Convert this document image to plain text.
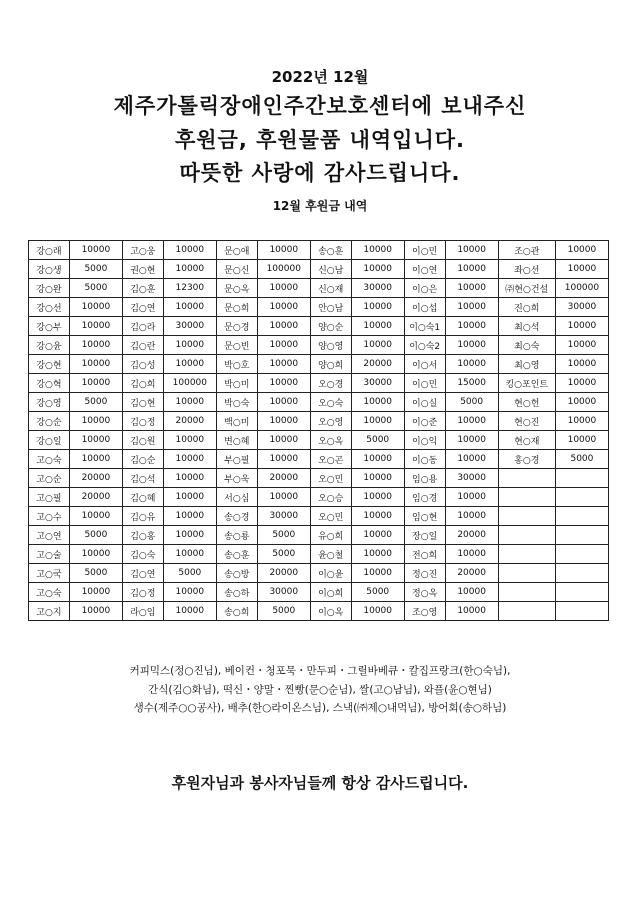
2022년 12월
제주가톨릭장애인주간보호센터에 보내주신
후원금, 후원물품 내역입니다.
따뜻한 사랑에 감사드립니다.
12월 후원금 내역
강○래	10000	고○웅	10000	문○애	10000	송○훈	10000	이○민	10000	조○관	10000
강○생	5000	권○현	10000	문○신	100000	신○남	10000	이○연	10000	좌○선	10000
강○완	5000	김○훈	12300	문○옥	10000	신○재	30000	이○은	10000	㈜현○건설	100000
강○선	10000	김○연	10000	문○희	10000	안○남	10000	이○섭	10000	진○희	30000
강○부	10000	김○라	30000	문○경	10000	양○순	10000	이○숙1	10000	최○석	10000
강○윤	10000	김○란	10000	문○빈	10000	양○영	10000	이○숙2	10000	최○숙	10000
강○현	10000	김○성	10000	박○호	10000	양○희	20000	이○서	10000	최○영	10000
강○혁	10000	김○희	100000	박○미	10000	오○경	30000	이○민	15000	킹○포인트	10000
강○영	5000	김○현	10000	박○숙	10000	오○숙	10000	이○실	5000	현○헌	10000
강○순	10000	김○정	20000	백○미	10000	오○영	10000	이○준	10000	현○진	10000
강○일	10000	김○원	10000	변○혜	10000	오○옥	5000	이○익	10000	현○재	10000
고○숙	10000	김○순	10000	부○필	10000	오○곤	10000	이○동	10000	홍○경	5000
고○순	20000	김○석	10000	부○욱	20000	오○민	10000	임○용	30000		
고○필	20000	김○혜	10000	서○심	10000	오○승	10000	임○경	10000		
고○수	10000	김○유	10000	송○경	30000	오○민	10000	임○현	10000		
고○연	5000	김○홍	10000	송○룡	5000	유○희	10000	장○일	20000		
고○술	10000	김○숙	10000	송○훈	5000	윤○철	10000	전○희	10000		
고○국	5000	김○연	5000	송○방	20000	이○윤	10000	정○진	20000		
고○숙	10000	김○정	10000	송○하	30000	이○희	5000	정○옥	10000		
고○지	10000	라○임	10000	송○희	5000	이○옥	10000	조○영	10000		
커피믹스(정○진님), 베이컨・청포묵・만두피・그릴바베큐・칼집프랑크(한○숙님),
간식(김○화님), 떡신・양말・찐빵(문○순님), 쌀(고○남님), 와플(윤○현님)
생수(제주○○공사), 배추(한○라이온스님), 스낵(㈜제○내먹님), 방어회(송○하님)
후원자님과 봉사자님들께 항상 감사드립니다.
